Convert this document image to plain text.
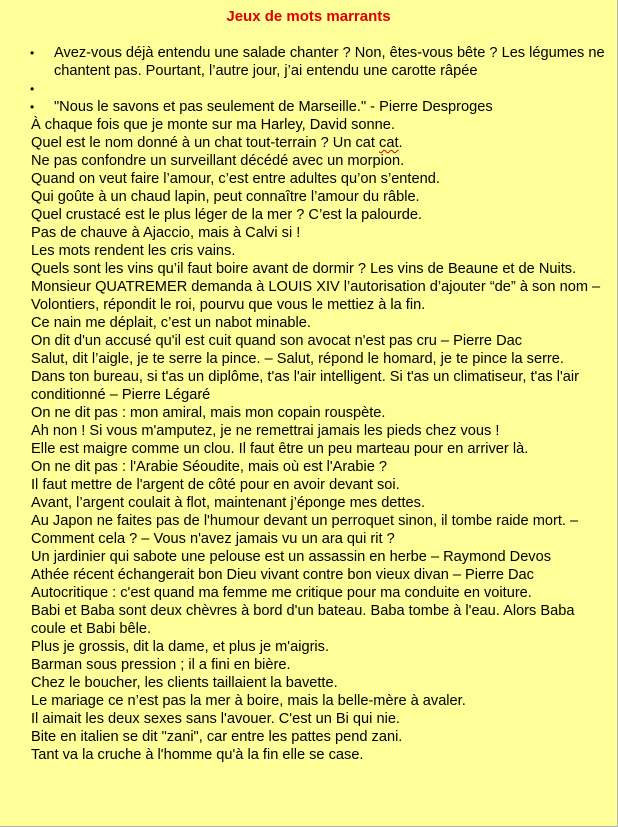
Jeux de mots marrants
• Avez-vous déjà entendu une salade chanter ? Non, êtes-vous bête ? Les légumes ne chantent pas. Pourtant, l’autre jour, j’ai entendu une carotte râpée
•
• "Nous le savons et pas seulement de Marseille." - Pierre Desproges
À chaque fois que je monte sur ma Harley, David sonne.
Quel est le nom donné à un chat tout-terrain ? Un cat cat.
Ne pas confondre un surveillant décédé avec un morpion.
Quand on veut faire l’amour, c’est entre adultes qu’on s’entend.
Qui goûte à un chaud lapin, peut connaître l’amour du râble.
Quel crustacé est le plus léger de la mer ? C’est la palourde.
Pas de chauve à Ajaccio, mais à Calvi si !
Les mots rendent les cris vains.
Quels sont les vins qu’il faut boire avant de dormir ? Les vins de Beaune et de Nuits.
Monsieur QUATREMER demanda à LOUIS XIV l’autorisation d’ajouter “de” à son nom – Volontiers, répondit le roi, pourvu que vous le mettiez à la fin.
Ce nain me déplait, c’est un nabot minable.
On dit d'un accusé qu'il est cuit quand son avocat n'est pas cru – Pierre Dac
Salut, dit l’aigle, je te serre la pince. – Salut, répond le homard, je te pince la serre.
Dans ton bureau, si t'as un diplôme, t'as l'air intelligent. Si t'as un climatiseur, t'as l'air conditionné – Pierre Légaré
On ne dit pas : mon amiral, mais mon copain rouspète.
Ah non ! Si vous m'amputez, je ne remettrai jamais les pieds chez vous !
Elle est maigre comme un clou. Il faut être un peu marteau pour en arriver là.
On ne dit pas : l'Arabie Séoudite, mais où est l'Arabie ?
Il faut mettre de l'argent de côté pour en avoir devant soi.
Avant, l’argent coulait à flot, maintenant j’éponge mes dettes.
Au Japon ne faites pas de l'humour devant un perroquet sinon, il tombe raide mort. – Comment cela ? – Vous n'avez jamais vu un ara qui rit ?
Un jardinier qui sabote une pelouse est un assassin en herbe – Raymond Devos
Athée récent échangerait bon Dieu vivant contre bon vieux divan – Pierre Dac
Autocritique : c'est quand ma femme me critique pour ma conduite en voiture.
Babi et Baba sont deux chèvres à bord d'un bateau. Baba tombe à l'eau. Alors Baba coule et Babi bêle.
Plus je grossis, dit la dame, et plus je m'aigris.
Barman sous pression ; il a fini en bière.
Chez le boucher, les clients taillaient la bavette.
Le mariage ce n’est pas la mer à boire, mais la belle-mère à avaler.
Il aimait les deux sexes sans l'avouer. C'est un Bi qui nie.
Bite en italien se dit "zani", car entre les pattes pend zani.
Tant va la cruche à l'homme qu'à la fin elle se case.
